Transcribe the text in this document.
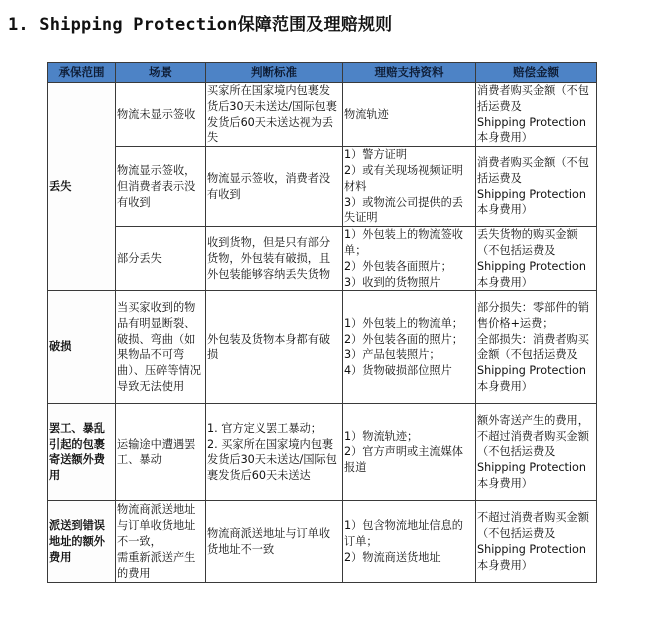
1. Shipping Protection保障范围及理赔规则
承保范围	场景	判断标准	理赔支持资料	赔偿金额
丢失	物流未显示签收	买家所在国家境内包裹发货后30天未送达/国际包裹发货后60天未送达视为丢失	物流轨迹	消费者购买金额（不包括运费及
Shipping Protection本身费用）
	物流显示签收，但消费者表示没有收到	物流显示签收，消费者没有收到	1）警方证明
2）或有关现场视频证明材料
3）或物流公司提供的丢失证明	消费者购买金额（不包括运费及
Shipping Protection本身费用）
	部分丢失	收到货物，但是只有部分货物，外包装有破损，且外包装能够容纳丢失货物	1）外包装上的物流签收单；
2）外包装各面照片；
3）收到的货物照片	丢失货物的购买金额（不包括运费及
Shipping Protection本身费用）
破损	当买家收到的物品有明显断裂、破损、弯曲（如果物品不可弯曲）、压碎等情况导致无法使用	外包装及货物本身都有破损	1）外包装上的物流单；
2）外包装各面的照片；
3）产品包装照片；
4）货物破损部位照片	部分损失：零部件的销售价格+运费；
全部损失：消费者购买金额（不包括运费及
Shipping Protection本身费用）
罢工、暴乱引起的包裹寄送额外费用	运输途中遭遇罢工、暴动	1. 官方定义罢工暴动；
2. 买家所在国家境内包裹发货后30天未送达/国际包裹发货后60天未送达	1）物流轨迹；
2）官方声明或主流媒体报道	额外寄送产生的费用，不超过消费者购买金额（不包括运费及
Shipping Protection本身费用）
派送到错误地址的额外费用	物流商派送地址与订单收货地址不一致，
需重新派送产生的费用	物流商派送地址与订单收货地址不一致	1）包含物流地址信息的订单；
2）物流商送货地址	不超过消费者购买金额（不包括运费及
Shipping Protection本身费用）
